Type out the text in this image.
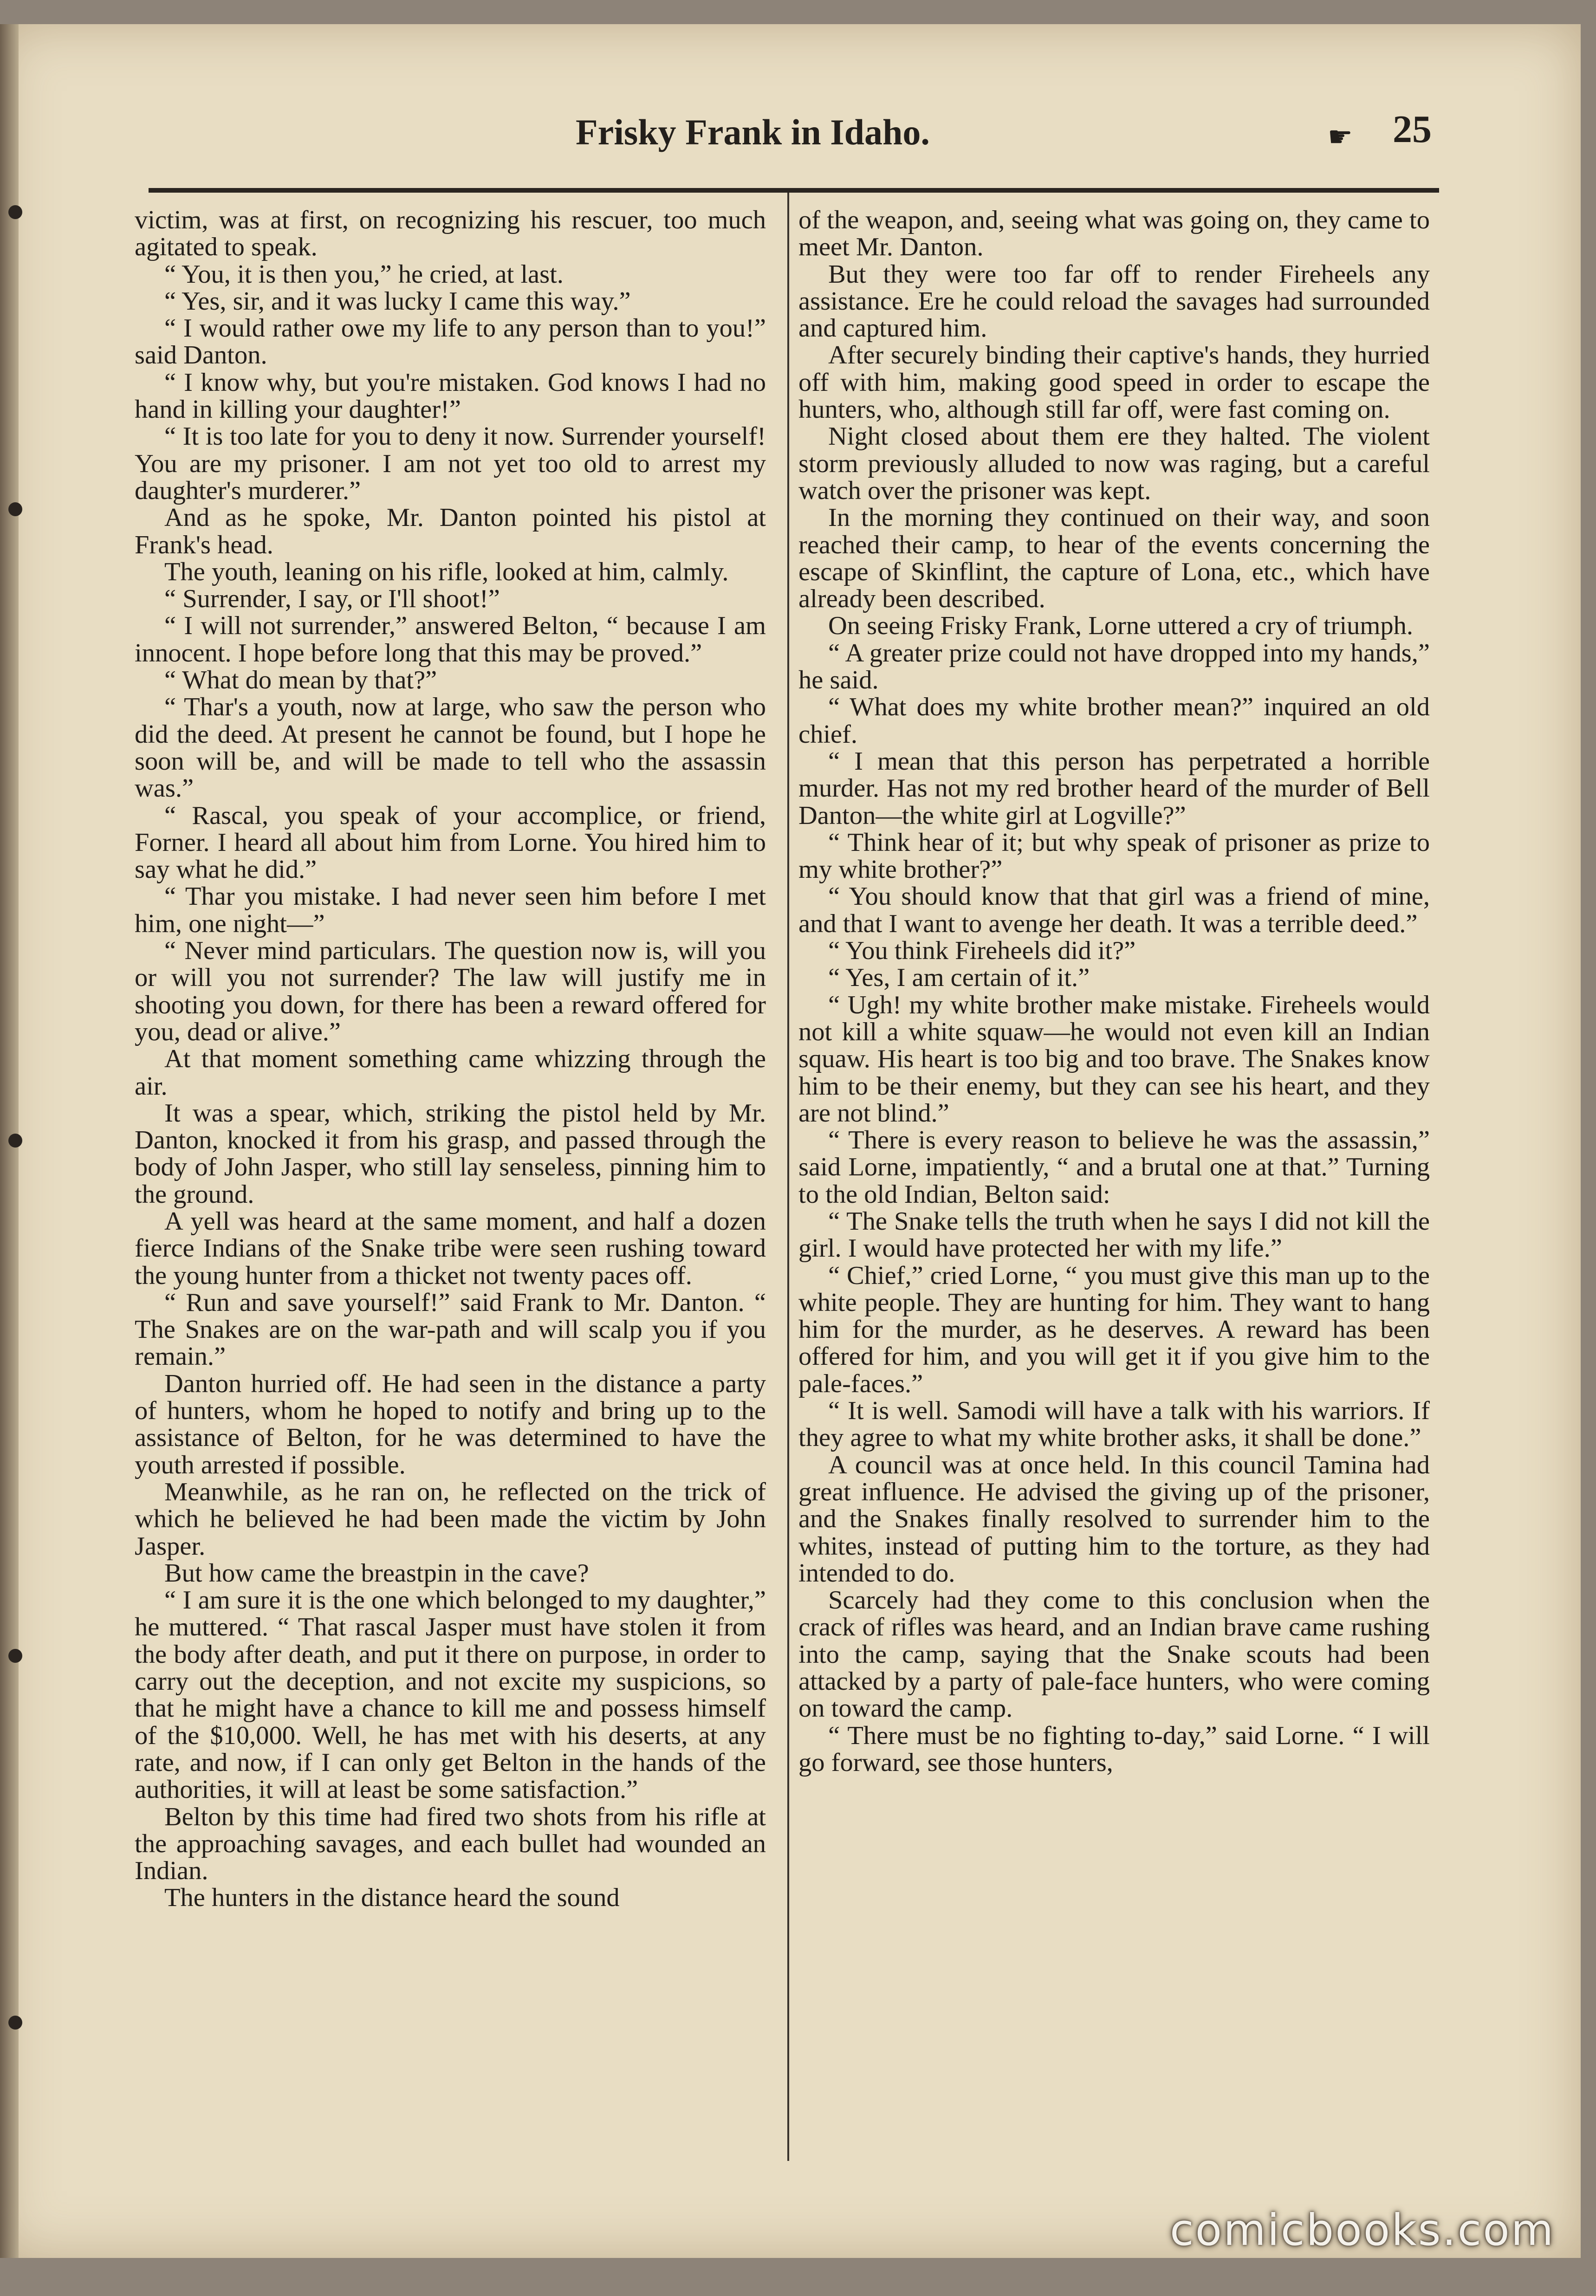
Frisky Frank in Idaho.	☛	25

victim, was at first, on recognizing his rescuer, too much agitated to speak.

“ You, it is then you,” he cried, at last.

“ Yes, sir, and it was lucky I came this way.”

“ I would rather owe my life to any person than to you!” said Danton.

“ I know why, but you're mistaken. God knows I had no hand in killing your daughter!”

“ It is too late for you to deny it now. Surrender yourself! You are my prisoner. I am not yet too old to arrest my daughter's murderer.”

And as he spoke, Mr. Danton pointed his pistol at Frank's head.

The youth, leaning on his rifle, looked at him, calmly.

“ Surrender, I say, or I'll shoot!”

“ I will not surrender,” answered Belton, “ because I am innocent. I hope before long that this may be proved.”

“ What do mean by that?”

“ Thar's a youth, now at large, who saw the person who did the deed. At present he cannot be found, but I hope he soon will be, and will be made to tell who the assassin was.”

“ Rascal, you speak of your accomplice, or friend, Forner. I heard all about him from Lorne. You hired him to say what he did.”

“ Thar you mistake. I had never seen him before I met him, one night—”

“ Never mind particulars. The question now is, will you or will you not surrender? The law will justify me in shooting you down, for there has been a reward offered for you, dead or alive.”

At that moment something came whizzing through the air.

It was a spear, which, striking the pistol held by Mr. Danton, knocked it from his grasp, and passed through the body of John Jasper, who still lay senseless, pinning him to the ground.

A yell was heard at the same moment, and half a dozen fierce Indians of the Snake tribe were seen rushing toward the young hunter from a thicket not twenty paces off.

“ Run and save yourself!” said Frank to Mr. Danton. “ The Snakes are on the war-path and will scalp you if you remain.”

Danton hurried off. He had seen in the distance a party of hunters, whom he hoped to notify and bring up to the assistance of Belton, for he was determined to have the youth arrested if possible.

Meanwhile, as he ran on, he reflected on the trick of which he believed he had been made the victim by John Jasper.

But how came the breastpin in the cave?

“ I am sure it is the one which belonged to my daughter,” he muttered. “ That rascal Jasper must have stolen it from the body after death, and put it there on purpose, in order to carry out the deception, and not excite my suspicions, so that he might have a chance to kill me and possess himself of the $10,000. Well, he has met with his deserts, at any rate, and now, if I can only get Belton in the hands of the authorities, it will at least be some satisfaction.”

Belton by this time had fired two shots from his rifle at the approaching savages, and each bullet had wounded an Indian.

The hunters in the distance heard the sound

of the weapon, and, seeing what was going on, they came to meet Mr. Danton.

But they were too far off to render Fireheels any assistance. Ere he could reload the savages had surrounded and captured him.

After securely binding their captive's hands, they hurried off with him, making good speed in order to escape the hunters, who, although still far off, were fast coming on.

Night closed about them ere they halted. The violent storm previously alluded to now was raging, but a careful watch over the prisoner was kept.

In the morning they continued on their way, and soon reached their camp, to hear of the events concerning the escape of Skinflint, the capture of Lona, etc., which have already been described.

On seeing Frisky Frank, Lorne uttered a cry of triumph.

“ A greater prize could not have dropped into my hands,” he said.

“ What does my white brother mean?” inquired an old chief.

“ I mean that this person has perpetrated a horrible murder. Has not my red brother heard of the murder of Bell Danton—the white girl at Logville?”

“ Think hear of it; but why speak of prisoner as prize to my white brother?”

“ You should know that that girl was a friend of mine, and that I want to avenge her death. It was a terrible deed.”

“ You think Fireheels did it?”

“ Yes, I am certain of it.”

“ Ugh! my white brother make mistake. Fireheels would not kill a white squaw—he would not even kill an Indian squaw. His heart is too big and too brave. The Snakes know him to be their enemy, but they can see his heart, and they are not blind.”

“ There is every reason to believe he was the assassin,” said Lorne, impatiently, “ and a brutal one at that.” Turning to the old Indian, Belton said:

“ The Snake tells the truth when he says I did not kill the girl. I would have protected her with my life.”

“ Chief,” cried Lorne, “ you must give this man up to the white people. They are hunting for him. They want to hang him for the murder, as he deserves. A reward has been offered for him, and you will get it if you give him to the pale-faces.”

“ It is well. Samodi will have a talk with his warriors. If they agree to what my white brother asks, it shall be done.”

A council was at once held. In this council Tamina had great influence. He advised the giving up of the prisoner, and the Snakes finally resolved to surrender him to the whites, instead of putting him to the torture, as they had intended to do.

Scarcely had they come to this conclusion when the crack of rifles was heard, and an Indian brave came rushing into the camp, saying that the Snake scouts had been attacked by a party of pale-face hunters, who were coming on toward the camp.

“ There must be no fighting to-day,” said Lorne. “ I will go forward, see those hunters,

comicbooks.com
